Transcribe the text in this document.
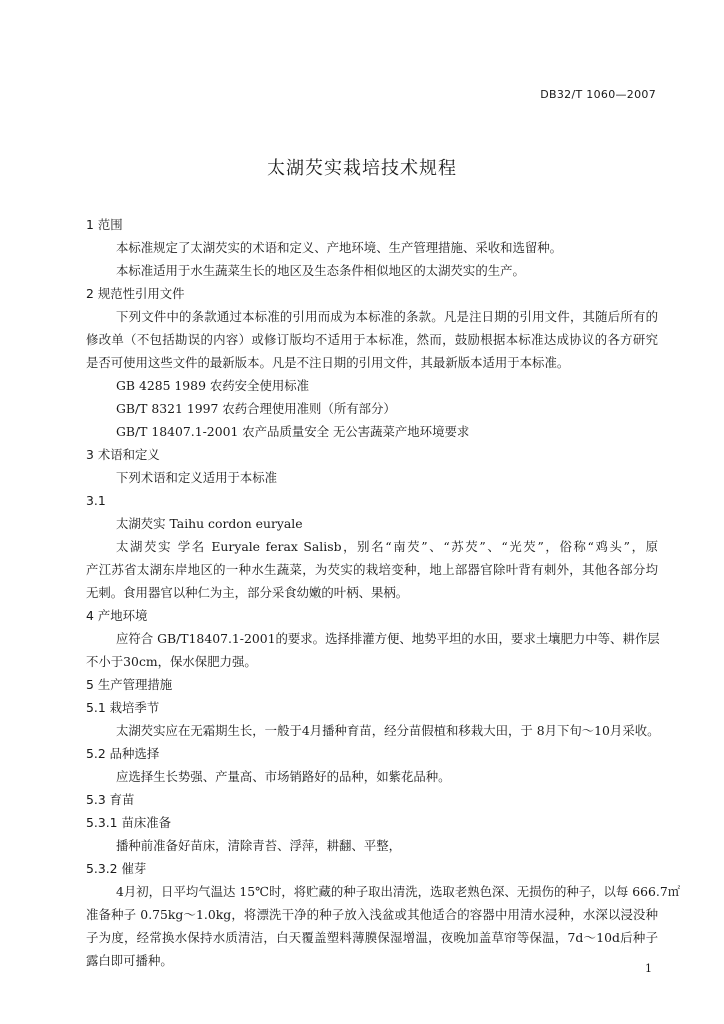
DB32/T 1060—2007
太湖芡实栽培技术规程
1 范围
本标准规定了太湖芡实的术语和定义、产地环境、生产管理措施、采收和选留种。
本标准适用于水生蔬菜生长的地区及生态条件相似地区的太湖芡实的生产。
2 规范性引用文件
下列文件中的条款通过本标准的引用而成为本标准的条款。凡是注日期的引用文件，其随后所有的
修改单（不包括勘误的内容）或修订版均不适用于本标准，然而，鼓励根据本标准达成协议的各方研究
是否可使用这些文件的最新版本。凡是不注日期的引用文件，其最新版本适用于本标准。
GB 4285 1989 农药安全使用标准
GB/T 8321 1997 农药合理使用准则（所有部分）
GB/T 18407.1-2001 农产品质量安全 无公害蔬菜产地环境要求
3 术语和定义
下列术语和定义适用于本标准
3.1
太湖芡实 Taihu cordon euryale
太湖芡实 学名 Euryale ferax Salisb，别名“南芡”、“苏芡”、“光芡”，俗称“鸡头”，原
产江苏省太湖东岸地区的一种水生蔬菜，为芡实的栽培变种，地上部器官除叶背有刺外，其他各部分均
无刺。食用器官以种仁为主，部分采食幼嫩的叶柄、果柄。
4 产地环境
应符合 GB/T18407.1-2001的要求。选择排灌方便、地势平坦的水田，要求土壤肥力中等、耕作层
不小于30cm，保水保肥力强。
5 生产管理措施
5.1 栽培季节
太湖芡实应在无霜期生长，一般于4月播种育苗，经分苗假植和移栽大田，于 8月下旬～10月采收。
5.2 品种选择
应选择生长势强、产量高、市场销路好的品种，如紫花品种。
5.3 育苗
5.3.1 苗床准备
播种前准备好苗床，清除青苔、浮萍，耕翻、平整，
5.3.2 催芽
4月初，日平均气温达 15℃时，将贮藏的种子取出清洗，选取老熟色深、无损伤的种子，以每 666.7㎡
准备种子 0.75kg～1.0kg，将漂洗干净的种子放入浅盆或其他适合的容器中用清水浸种，水深以浸没种
子为度，经常换水保持水质清洁，白天覆盖塑料薄膜保湿增温，夜晚加盖草帘等保温，7d～10d后种子
露白即可播种。
1
